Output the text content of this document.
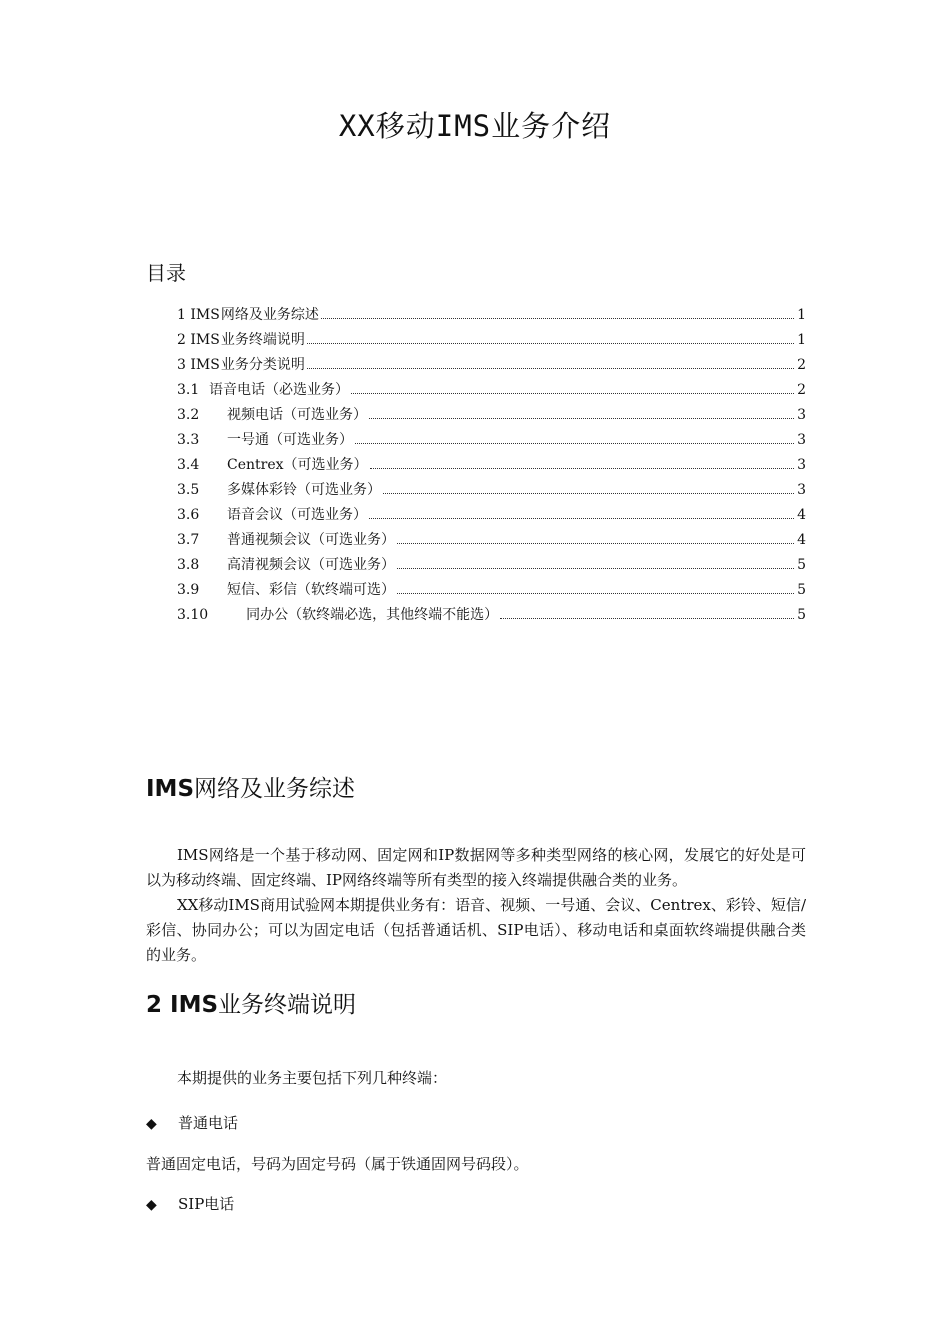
XX移动IMS业务介绍
目录
1 IMS 网络及业务综述	1
2 IMS 业务终端说明	1
3 IMS 业务分类说明	2
3.1 语音电话（必选业务）	2
3.2	视频电话（可选业务）	3
3.3	一号通（可选业务）	3
3.4	Centrex（可选业务）	3
3.5	多媒体彩铃（可选业务）	3
3.6	语音会议（可选业务）	4
3.7	普通视频会议（可选业务）	4
3.8	高清视频会议（可选业务）	5
3.9	短信、彩信（软终端可选）	5
3.10	同办公（软终端必选，其他终端不能选）	5
IMS网络及业务综述
IMS网络是一个基于移动网、固定网和IP数据网等多种类型网络的核心网，发展它的好处是可以为移动终端、固定终端、IP网络终端等所有类型的接入终端提供融合类的业务。
XX移动IMS商用试验网本期提供业务有：语音、视频、一号通、会议、Centrex、彩铃、短信/彩信、协同办公；可以为固定电话（包括普通话机、SIP电话）、移动电话和桌面软终端提供融合类的业务。
2 IMS业务终端说明
本期提供的业务主要包括下列几种终端：
◆ 普通电话
普通固定电话，号码为固定号码（属于铁通固网号码段）。
◆ SIP电话
